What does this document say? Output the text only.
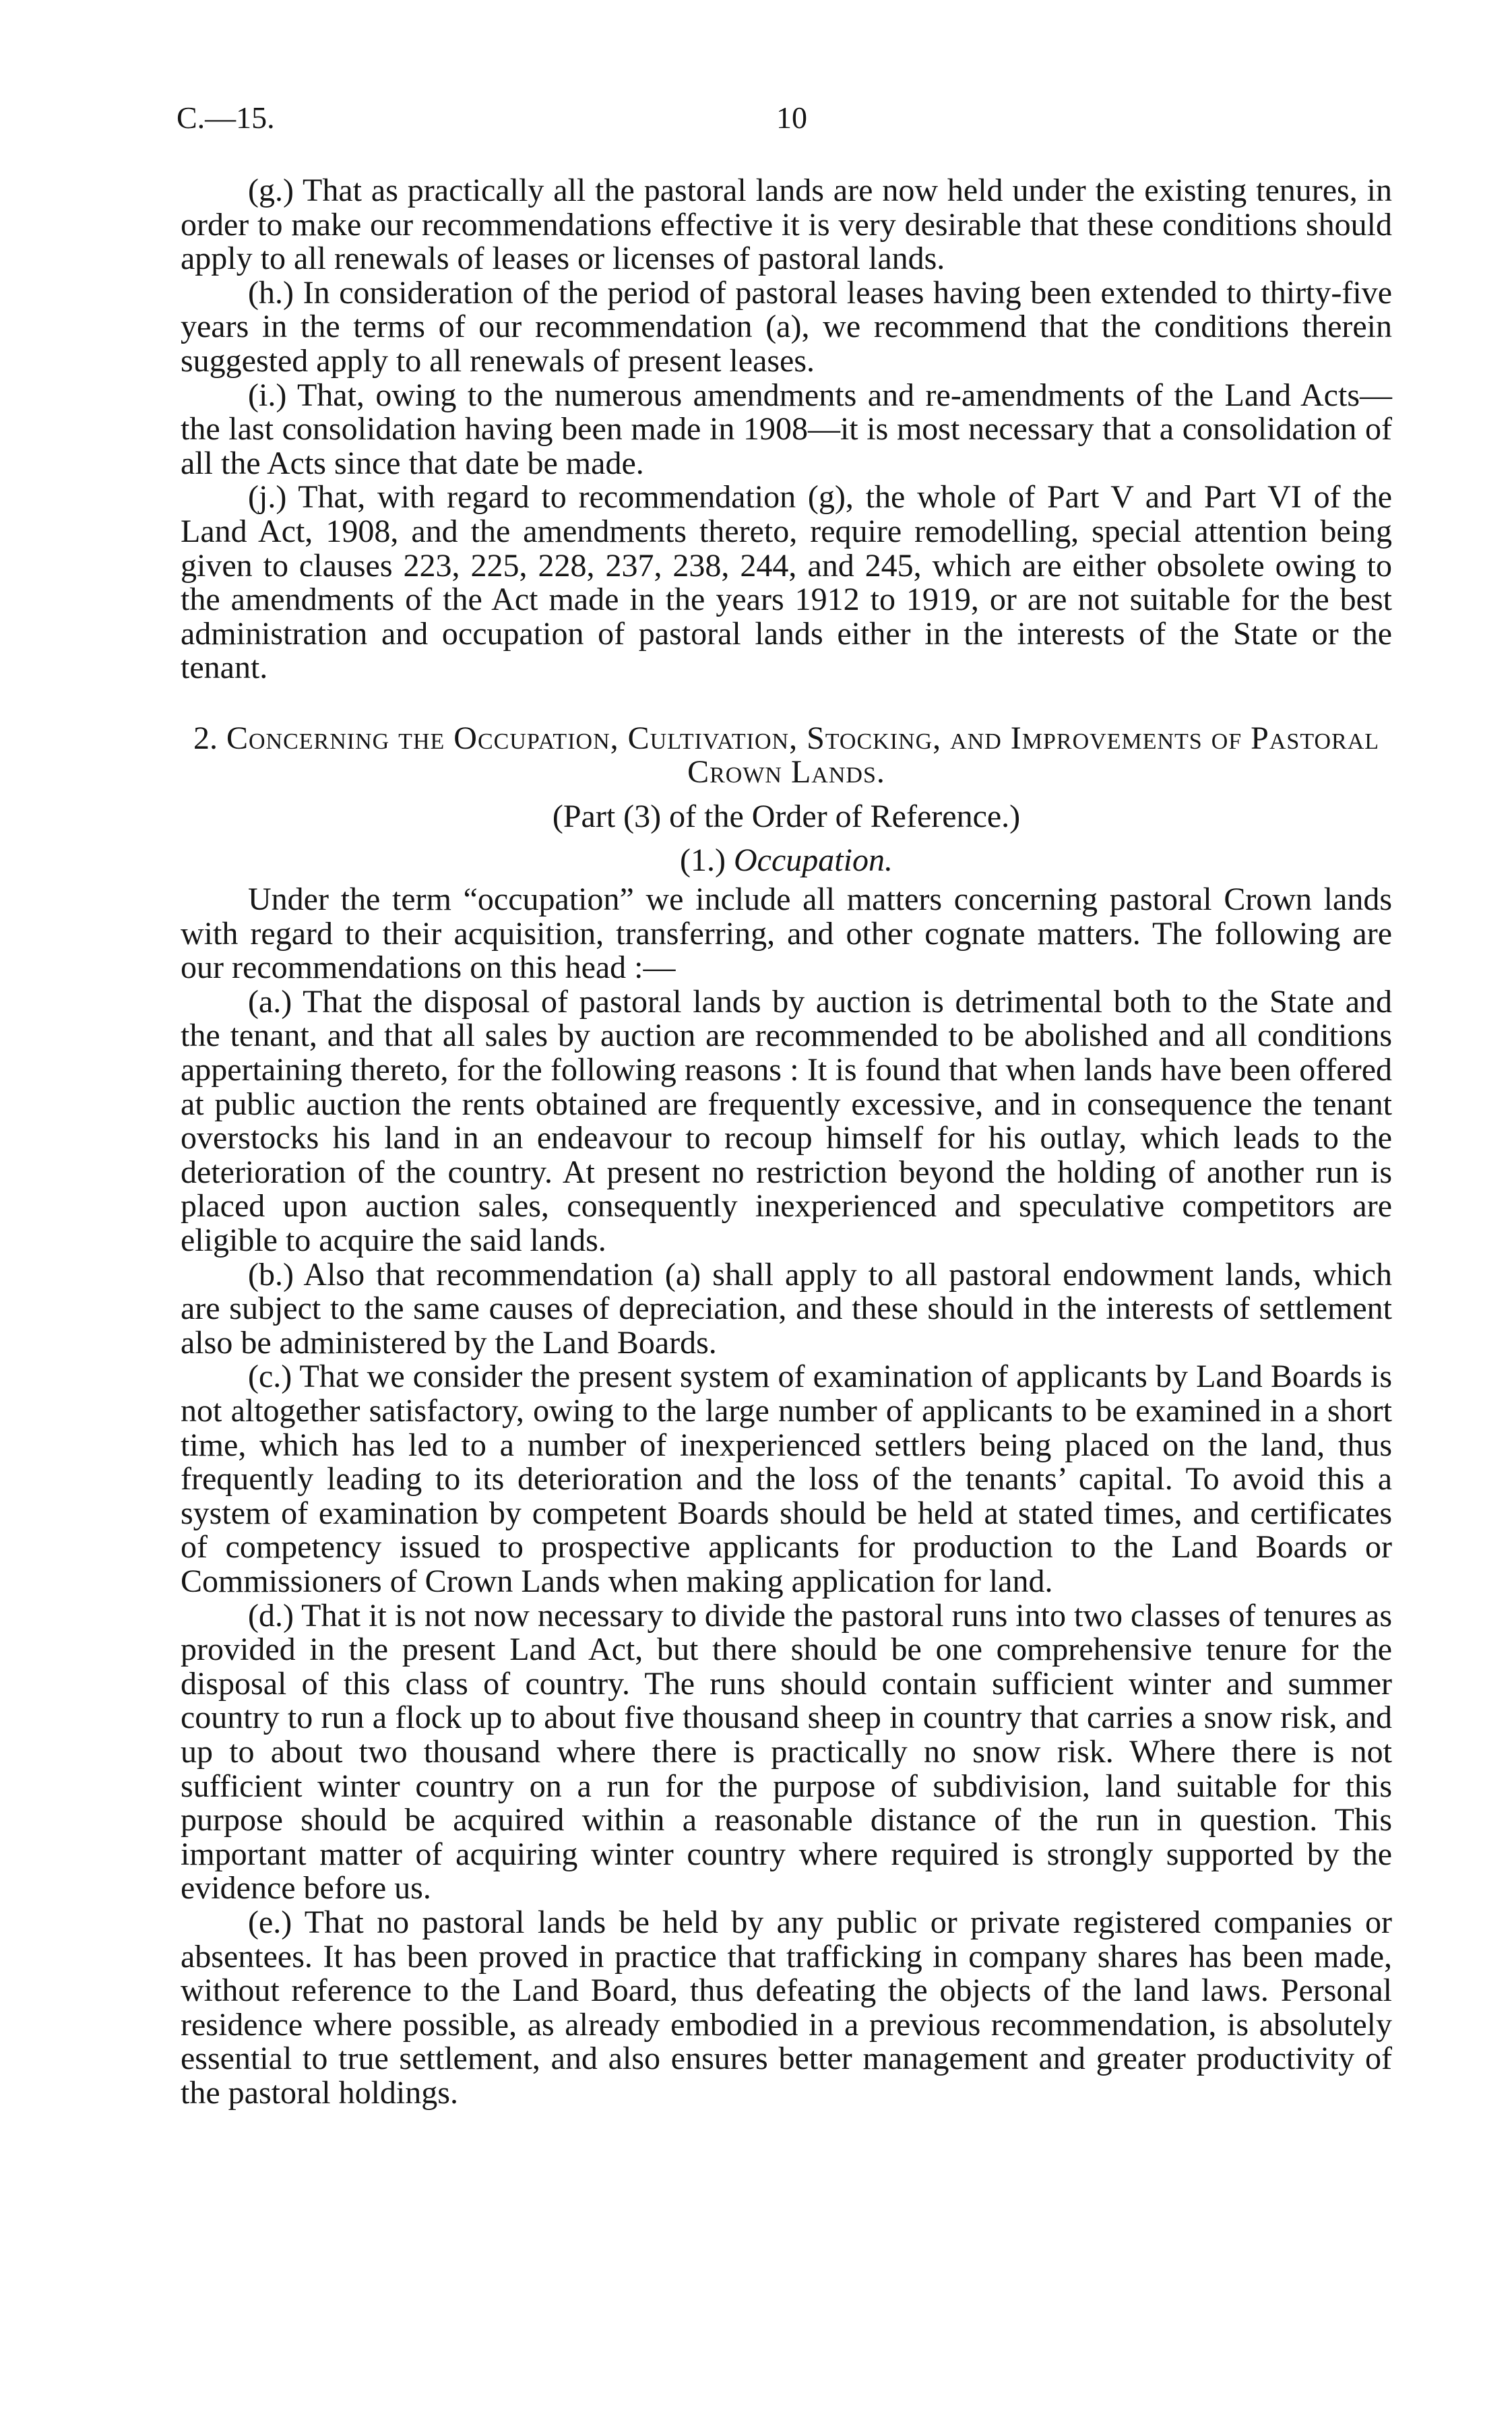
C.—15.	10

(g.) That as practically all the pastoral lands are now held under the existing tenures, in order to make our recommendations effective it is very desirable that these conditions should apply to all renewals of leases or licenses of pastoral lands.

(h.) In consideration of the period of pastoral leases having been extended to thirty-five years in the terms of our recommendation (a), we recommend that the conditions therein suggested apply to all renewals of present leases.

(i.) That, owing to the numerous amendments and re-amendments of the Land Acts—the last consolidation having been made in 1908—it is most necessary that a consolidation of all the Acts since that date be made.

(j.) That, with regard to recommendation (g), the whole of Part V and Part VI of the Land Act, 1908, and the amendments thereto, require remodelling, special attention being given to clauses 223, 225, 228, 237, 238, 244, and 245, which are either obsolete owing to the amendments of the Act made in the years 1912 to 1919, or are not suitable for the best administration and occupation of pastoral lands either in the interests of the State or the tenant.

2. Concerning the Occupation, Cultivation, Stocking, and Improvements of Pastoral Crown Lands.

(Part (3) of the Order of Reference.)

(1.) Occupation.

Under the term “occupation” we include all matters concerning pastoral Crown lands with regard to their acquisition, transferring, and other cognate matters. The following are our recommendations on this head :—

(a.) That the disposal of pastoral lands by auction is detrimental both to the State and the tenant, and that all sales by auction are recommended to be abolished and all conditions appertaining thereto, for the following reasons : It is found that when lands have been offered at public auction the rents obtained are frequently excessive, and in consequence the tenant overstocks his land in an endeavour to recoup himself for his outlay, which leads to the deterioration of the country. At present no restriction beyond the holding of another run is placed upon auction sales, consequently inexperienced and speculative competitors are eligible to acquire the said lands.

(b.) Also that recommendation (a) shall apply to all pastoral endowment lands, which are subject to the same causes of depreciation, and these should in the interests of settlement also be administered by the Land Boards.

(c.) That we consider the present system of examination of applicants by Land Boards is not altogether satisfactory, owing to the large number of applicants to be examined in a short time, which has led to a number of inexperienced settlers being placed on the land, thus frequently leading to its deterioration and the loss of the tenants’ capital. To avoid this a system of examination by competent Boards should be held at stated times, and certificates of competency issued to prospective applicants for production to the Land Boards or Commissioners of Crown Lands when making application for land.

(d.) That it is not now necessary to divide the pastoral runs into two classes of tenures as provided in the present Land Act, but there should be one comprehensive tenure for the disposal of this class of country. The runs should contain sufficient winter and summer country to run a flock up to about five thousand sheep in country that carries a snow risk, and up to about two thousand where there is practically no snow risk. Where there is not sufficient winter country on a run for the purpose of subdivision, land suitable for this purpose should be acquired within a reasonable distance of the run in question. This important matter of acquiring winter country where required is strongly supported by the evidence before us.

(e.) That no pastoral lands be held by any public or private registered companies or absentees. It has been proved in practice that trafficking in company shares has been made, without reference to the Land Board, thus defeating the objects of the land laws. Personal residence where possible, as already embodied in a previous recommendation, is absolutely essential to true settlement, and also ensures better management and greater productivity of the pastoral holdings.
